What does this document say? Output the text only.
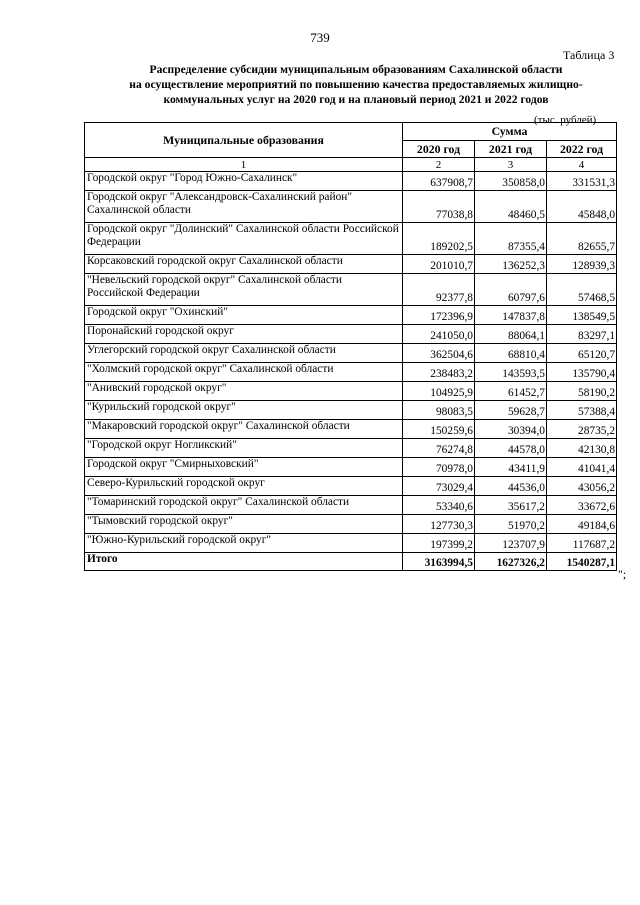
739
Таблица 3
Распределение субсидии муниципальным образованиям Сахалинской области
на осуществление мероприятий по повышению качества предоставляемых жилищно-
коммунальных услуг на 2020 год и на плановый период 2021 и 2022 годов
(тыс. рублей)
Муниципальные образования	Сумма		
	2020 год	2021 год	2022 год
1	2	3	4
Городской округ "Город Южно-Сахалинск"	637908,7	350858,0	331531,3
Городской округ "Александровск-Сахалинский район" Сахалинской области	77038,8	48460,5	45848,0
Городской округ "Долинский" Сахалинской области Российской Федерации	189202,5	87355,4	82655,7
Корсаковский городской округ Сахалинской области	201010,7	136252,3	128939,3
"Невельский городской округ" Сахалинской области Российской Федерации	92377,8	60797,6	57468,5
Городской округ "Охинский"	172396,9	147837,8	138549,5
Поронайский городской округ	241050,0	88064,1	83297,1
Углегорский городской округ Сахалинской области	362504,6	68810,4	65120,7
"Холмский городской округ" Сахалинской области	238483,2	143593,5	135790,4
"Анивский городской округ"	104925,9	61452,7	58190,2
"Курильский городской округ"	98083,5	59628,7	57388,4
"Макаровский городской округ" Сахалинской области	150259,6	30394,0	28735,2
"Городской округ Ногликский"	76274,8	44578,0	42130,8
Городской округ "Смирныховский"	70978,0	43411,9	41041,4
Северо-Курильский городской округ	73029,4	44536,0	43056,2
"Томаринский городской округ" Сахалинской области	53340,6	35617,2	33672,6
"Тымовский городской округ"	127730,3	51970,2	49184,6
"Южно-Курильский городской округ"	197399,2	123707,9	117687,2
Итого	3163994,5	1627326,2	1540287,1
";
